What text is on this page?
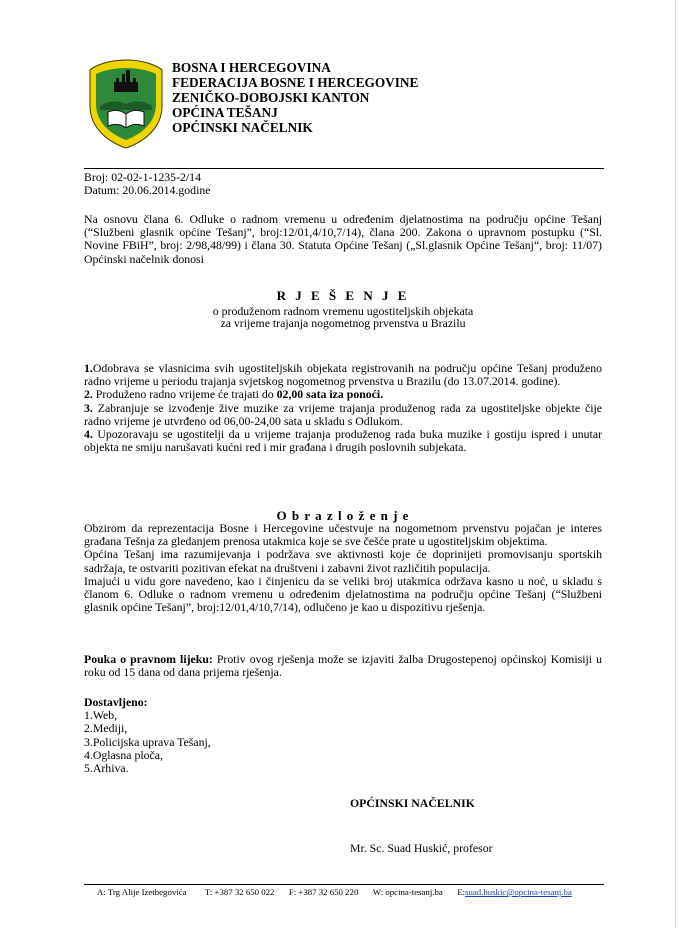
BOSNA I HERCEGOVINA
FEDERACIJA BOSNE I HERCEGOVINE
ZENIČKO-DOBOJSKI KANTON
OPĆINA TEŠANJ
OPĆINSKI NAČELNIK
Broj: 02-02-1-1235-2/14
Datum: 20.06.2014.godine
Na osnovu člana 6. Odluke o radnom vremenu u određenim djelatnostima na području općine Tešanj (“Službeni glasnik općine Tešanj”, broj:12/01,4/10,7/14), člana 200. Zakona o upravnom postupku (“Sl. Novine FBiH”, broj: 2/98,48/99) i člana 30. Statuta Općine Tešanj („Sl.glasnik Općine Tešanj“, broj: 11/07) Općinski načelnik donosi
R J E Š E N J E
o produženom radnom vremenu ugostiteljskih objekata
za vrijeme trajanja nogometnog prvenstva u Brazilu
1.Odobrava se vlasnicima svih ugostiteljskih objekata registrovanih na području općine Tešanj produženo radno vrijeme u periodu trajanja svjetskog nogometnog prvenstva u Brazilu (do 13.07.2014. godine).
2. Produženo radno vrijeme će trajati do 02,00 sata iza ponoći.
3. Zabranjuje se izvođenje žive muzike za vrijeme trajanja produženog rada za ugostiteljske objekte čije radno vrijeme je utvrđeno od 06,00-24,00 sata u skladu s Odlukom.
4. Upozoravaju se ugostitelji da u vrijeme trajanja produženog rada buka muzike i gostiju ispred i unutar objekta ne smiju narušavati kućni red i mir građana i drugih poslovnih subjekata.
O b r a z l o ž e n j e
Obzirom da reprezentacija Bosne i Hercegovine učestvuje na nogometnom prvenstvu pojačan je interes građana Tešnja za gledanjem prenosa utakmica koje se sve češće prate u ugostiteljskim objektima.
Općina Tešanj ima razumijevanja i podržava sve aktivnosti koje će doprinijeti promovisanju sportskih sadržaja, te ostvariti pozitivan efekat na društveni i zabavni život različitih populacija.
Imajući u vidu gore navedeno, kao i činjenicu da se veliki broj utakmica održava kasno u noć, u skladu s članom 6. Odluke o radnom vremenu u određenim djelatnostima na području općine Tešanj (“Službeni glasnik općine Tešanj”, broj:12/01,4/10,7/14), odlučeno je kao u dispozitivu rješenja.
Pouka o pravnom lijeku: Protiv ovog rješenja može se izjaviti žalba Drugostepenoj općinskoj Komisiji u roku od 15 dana od dana prijema rješenja.
Dostavljeno:
1.Web,
2.Mediji,
3.Policijska uprava Tešanj,
4.Oglasna ploča,
5.Arhiva.
OPĆINSKI NAČELNIK
Mr. Sc. Suad Huskić, profesor
A: Trg Alije Izetbegovića T: +387 32 650 022 F: +387 32 650 220 W: opcina-tesanj.ba E:suad.huskic@opcina-tesanj.ba
